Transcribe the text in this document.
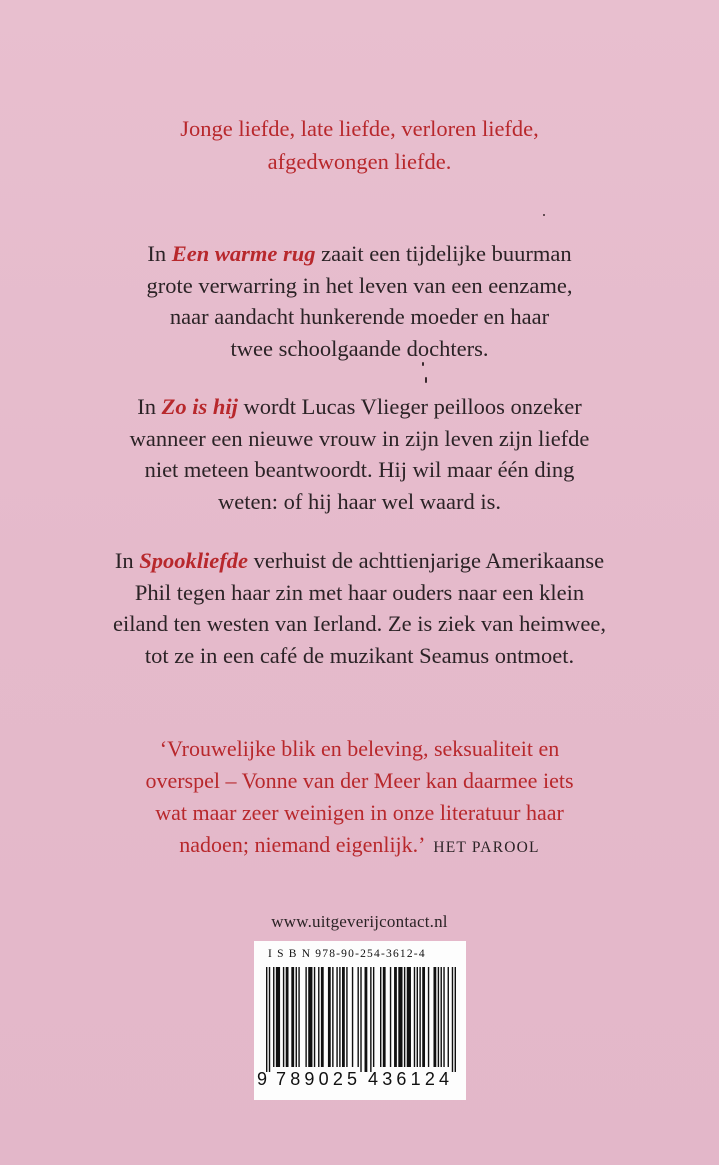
Jonge liefde, late liefde, verloren liefde,
afgedwongen liefde.
In Een warme rug zaait een tijdelijke buurman
grote verwarring in het leven van een eenzame,
naar aandacht hunkerende moeder en haar
twee schoolgaande dochters.
In Zo is hij wordt Lucas Vlieger peilloos onzeker
wanneer een nieuwe vrouw in zijn leven zijn liefde
niet meteen beantwoordt. Hij wil maar één ding
weten: of hij haar wel waard is.
In Spookliefde verhuist de achttienjarige Amerikaanse
Phil tegen haar zin met haar ouders naar een klein
eiland ten westen van Ierland. Ze is ziek van heimwee,
tot ze in een café de muzikant Seamus ontmoet.
‘Vrouwelijke blik en beleving, seksualiteit en
overspel – Vonne van der Meer kan daarmee iets
wat maar zeer weinigen in onze literatuur haar
nadoen; niemand eigenlijk.’ HET PAROOL
www.uitgeverijcontact.nl
I S B N 978-90-254-3612-4
9 789025 436124
